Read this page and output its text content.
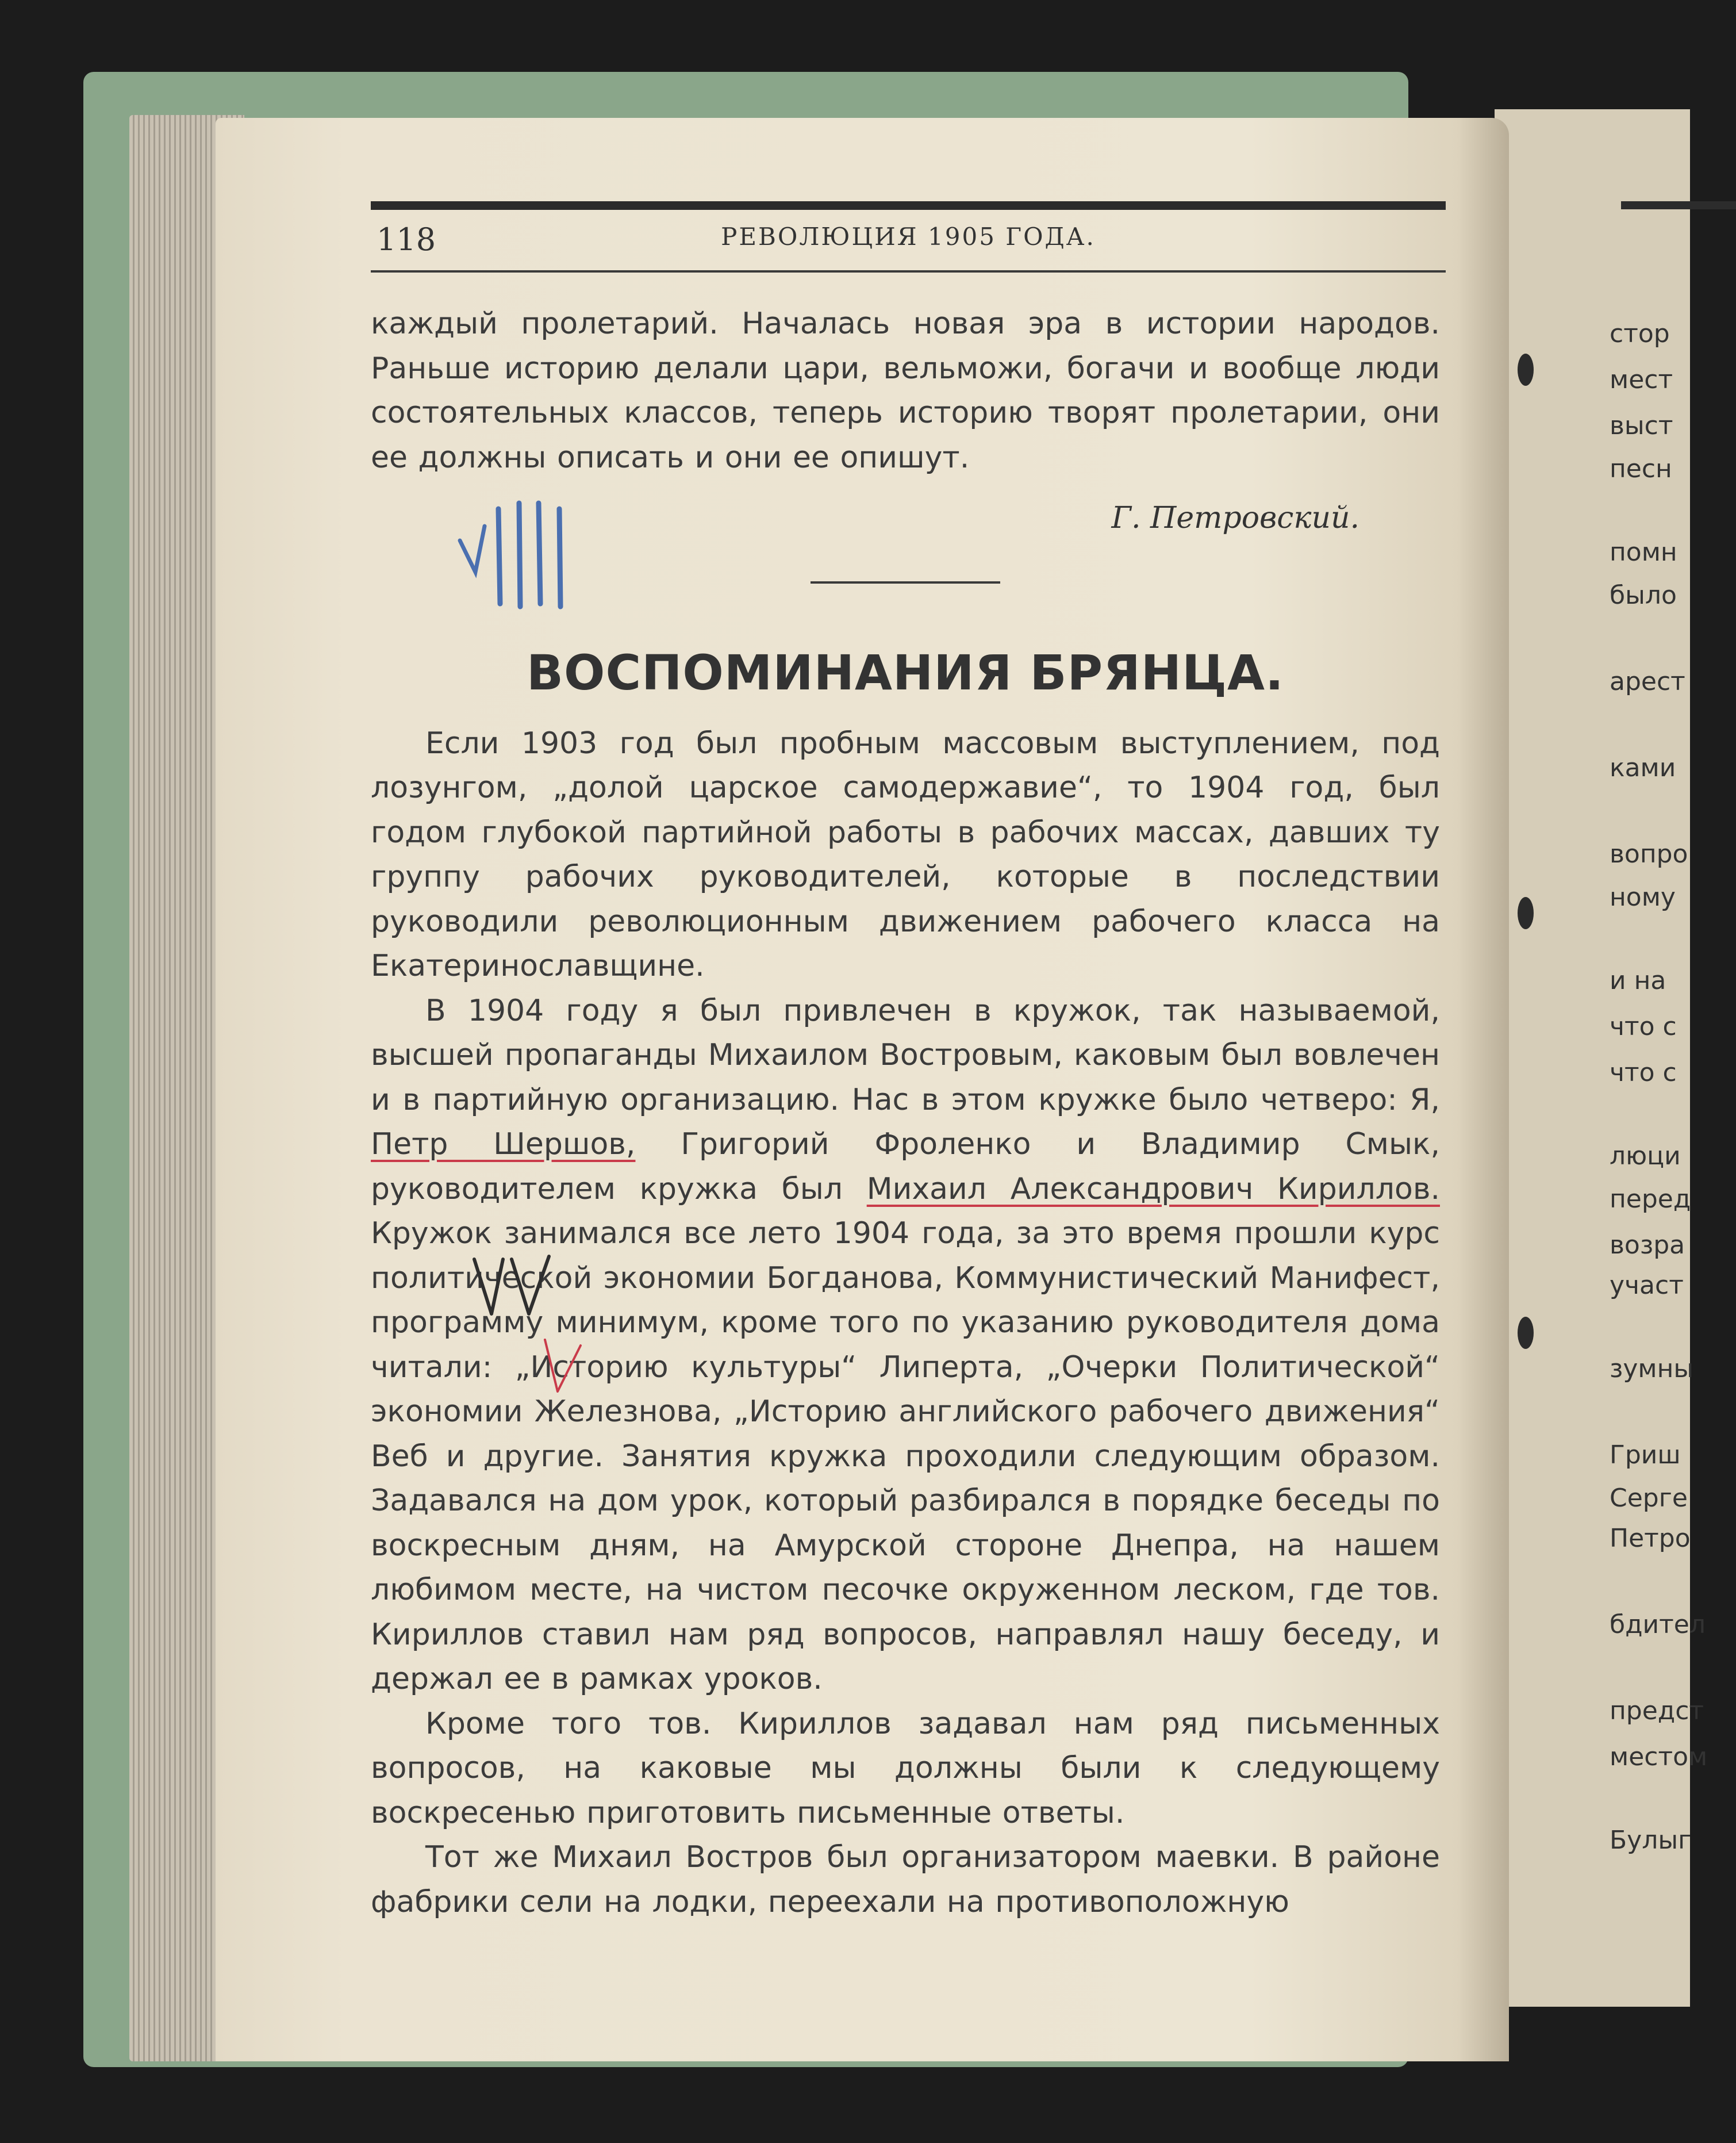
стор
мест
выст
песн
помн
было
арест
ками
вопро
ному
и на
что с
что с
люци
перед
возра
участ
зумны
Гриш
Серге
Петро
бдител
предст
местом
Булыг
118	РЕВОЛЮЦИЯ 1905 ГОДА.

каждый пролетарий. Началась новая эра в истории народов. Раньше историю делали цари, вельможи, богачи и вообще люди состоятельных классов, теперь историю творят пролетарии, они ее должны описать и они ее опишут.

Г. Петровский.
ВОСПОМИНАНИЯ БРЯНЦА.

Если 1903 год был пробным массовым выступлением, под лозунгом, „долой царское самодержавие“, то 1904 год, был годом глубокой партийной работы в рабочих массах, давших ту группу рабочих руководителей, которые в последствии руководили революционным движением рабочего класса на Екатеринославщине.

В 1904 году я был привлечен в кружок, так называемой, высшей пропаганды Михаилом Востровым, каковым был вовлечен и в партийную организацию. Нас в этом кружке было четверо: Я, Петр Шершов, Григорий Фроленко и Владимир Смык, руководителем кружка был Михаил Александрович Кириллов. Кружок занимался все лето 1904 года, за это время прошли курс политической экономии Богданова, Коммунистический Манифест, программу минимум, кроме того по указанию руководителя дома читали: „Историю культуры“ Липерта, „Очерки Политической“ экономии Железнова, „Историю английского рабочего движения“ Веб и другие. Занятия кружка проходили следующим образом. Задавался на дом урок, который разбирался в порядке беседы по воскресным дням, на Амурской стороне Днепра, на нашем любимом месте, на чистом песочке окруженном леском, где тов. Кириллов ставил нам ряд вопросов, направлял нашу беседу, и держал ее в рамках уроков.

Кроме того тов. Кириллов задавал нам ряд письменных вопросов, на каковые мы должны были к следующему воскресенью приготовить письменные ответы.

Тот же Михаил Востров был организатором маевки. В районе фабрики сели на лодки, переехали на противоположную
